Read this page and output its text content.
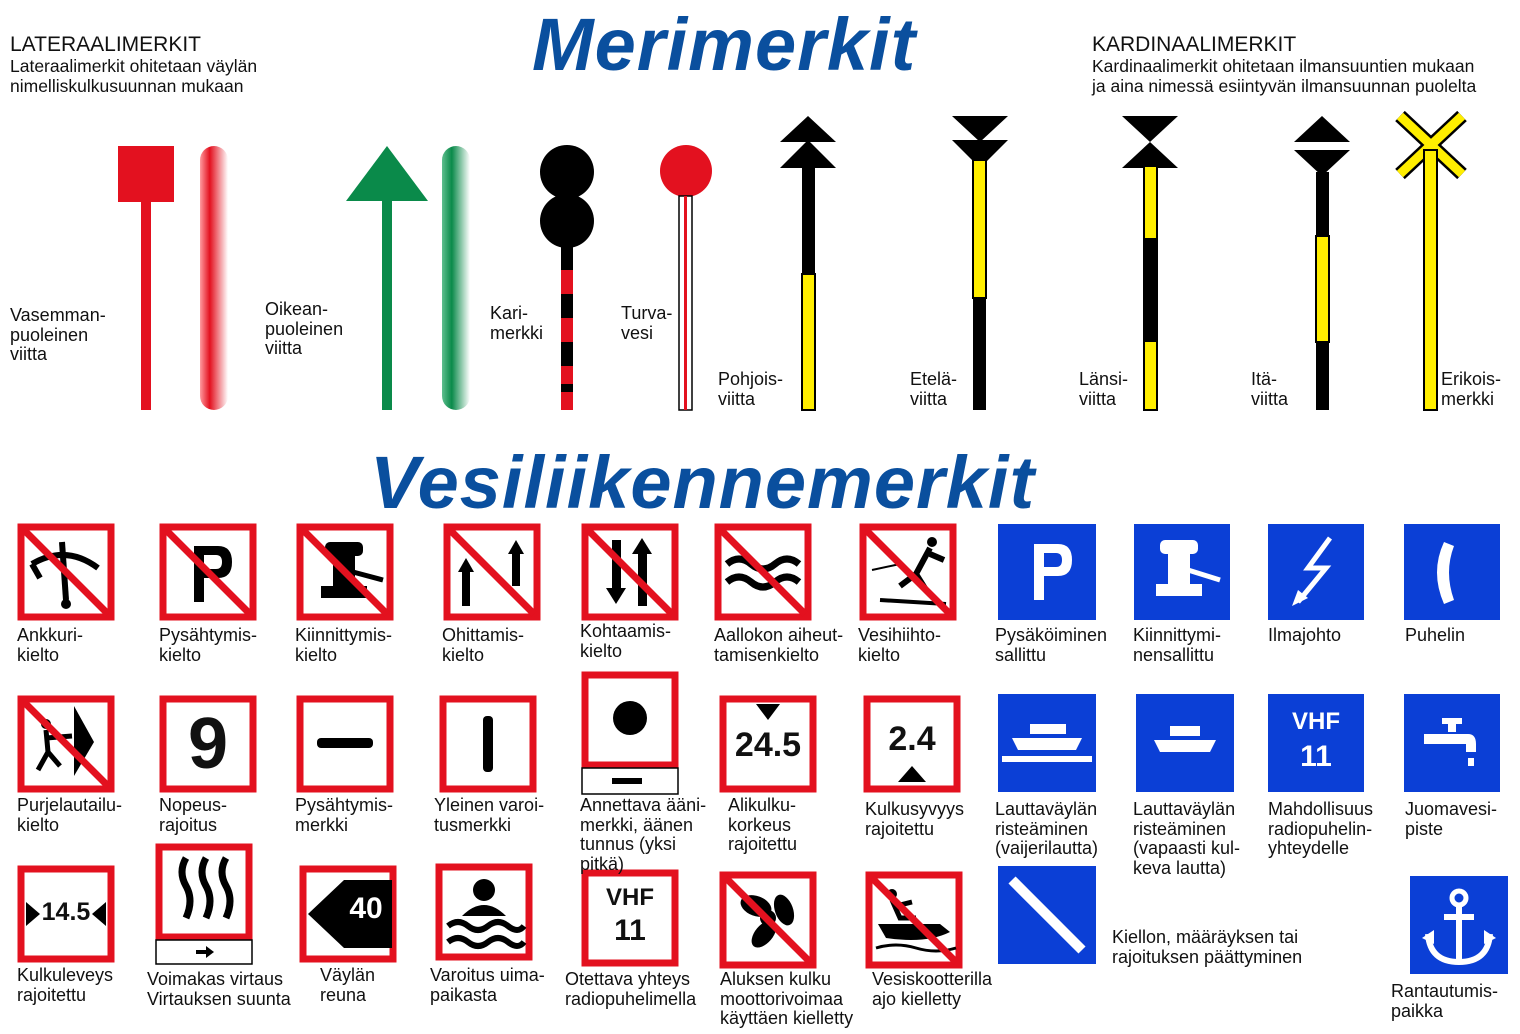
Merimerkit
Vesiliikennemerkit
LATERAALIMERKIT
Lateraalimerkit ohitetaan väylän
nimelliskulkusuunnan mukaan
KARDINAALIMERKIT
Kardinaalimerkit ohitetaan ilmansuuntien mukaan
ja aina nimessä esiintyvän ilmansuunnan puolelta
Vasemman-
puoleinen
viitta
Oikean-
puoleinen
viitta
Kari-
merkki
Turva-
vesi
Pohjois-
viitta
Etelä-
viitta
Länsi-
viitta
Itä-
viitta
Erikois-
merkki
9	24.5	2.4	VHF
11
14.5	40	VHF
11
Ankkuri-
kielto
Pysähtymis-
kielto
Kiinnittymis-
kielto
Ohittamis-
kielto
Kohtaamis-
kielto
Aallokon aiheut-
tamisenkielto
Vesihiihto-
kielto
Pysäköiminen
sallittu
Kiinnittymi-
nensallittu
Ilmajohto	Puhelin
Purjelautailu-
kielto
Nopeus-
rajoitus
Pysähtymis-
merkki
Yleinen varoi-
tusmerkki
Annettava ääni-
merkki, äänen
tunnus (yksi
pitkä)
Alikulku-
korkeus
rajoitettu
Kulkusyvyys
rajoitettu
Lauttaväylän
risteäminen
(vaijerilautta)
Lauttaväylän
risteäminen
(vapaasti kul-
keva lautta)
Mahdollisuus
radiopuhelin-
yhteydelle
Juomavesi-
piste
Kulkuleveys
rajoitettu
Voimakas virtaus
Virtauksen suunta
Väylän
reuna
Varoitus uima-
paikasta
Otettava yhteys
radiopuhelimella
Aluksen kulku
moottorivoimaa
käyttäen kielletty
Vesiskootterilla
ajo kielletty
Kiellon, määräyksen tai
rajoituksen päättyminen
Rantautumis-
paikka
